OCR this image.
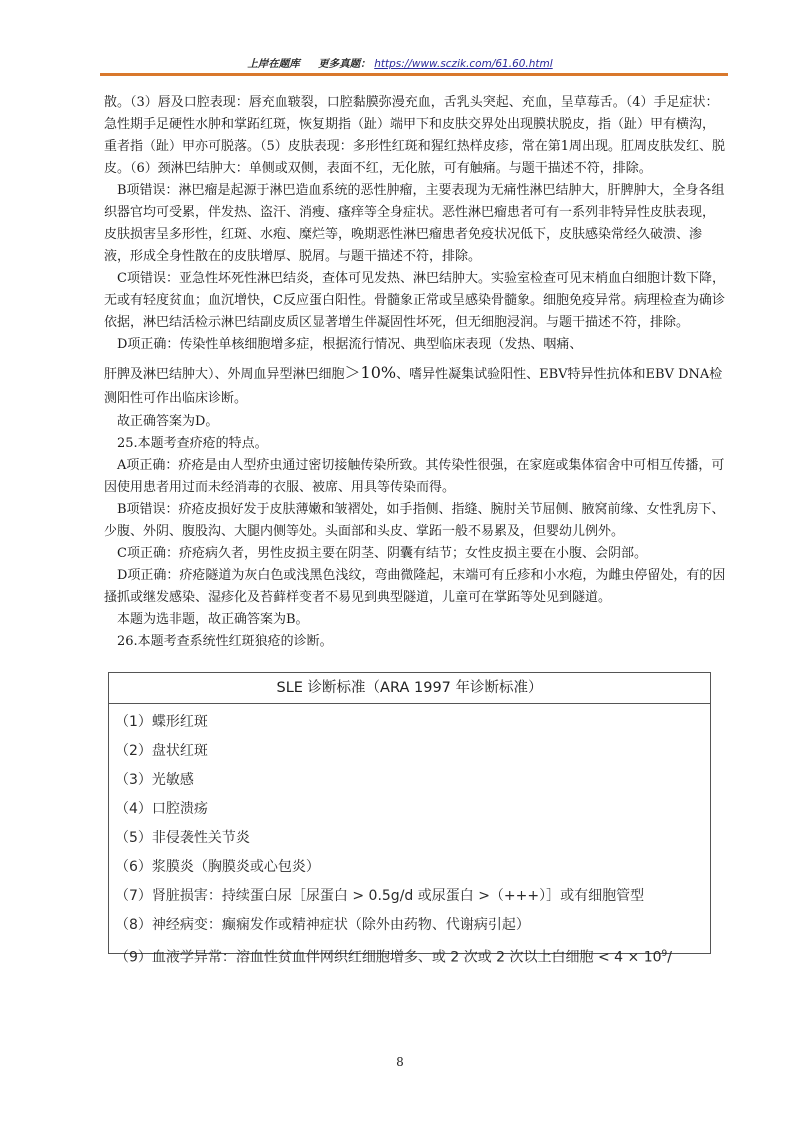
上岸在题库 更多真题： https://www.sczik.com/61.60.html

散。（3）唇及口腔表现：唇充血皲裂，口腔黏膜弥漫充血，舌乳头突起、充血，呈草莓舌。（4）手足症状：急性期手足硬性水肿和掌跖红斑，恢复期指（趾）端甲下和皮肤交界处出现膜状脱皮，指（趾）甲有横沟，重者指（趾）甲亦可脱落。（5）皮肤表现：多形性红斑和猩红热样皮疹，常在第1周出现。肛周皮肤发红、脱皮。（6）颈淋巴结肿大：单侧或双侧，表面不红，无化脓，可有触痛。与题干描述不符，排除。

B项错误：淋巴瘤是起源于淋巴造血系统的恶性肿瘤，主要表现为无痛性淋巴结肿大，肝脾肿大，全身各组织器官均可受累，伴发热、盗汗、消瘦、瘙痒等全身症状。恶性淋巴瘤患者可有一系列非特异性皮肤表现，皮肤损害呈多形性，红斑、水疱、糜烂等，晚期恶性淋巴瘤患者免疫状况低下，皮肤感染常经久破溃、渗液，形成全身性散在的皮肤增厚、脱屑。与题干描述不符，排除。

C项错误：亚急性坏死性淋巴结炎，查体可见发热、淋巴结肿大。实验室检查可见末梢血白细胞计数下降，无或有轻度贫血；血沉增快，C反应蛋白阳性。骨髓象正常或呈感染骨髓象。细胞免疫异常。病理检查为确诊依据，淋巴结活检示淋巴结副皮质区显著增生伴凝固性坏死，但无细胞浸润。与题干描述不符，排除。

D项正确：传染性单核细胞增多症，根据流行情况、典型临床表现（发热、咽痛、

肝脾及淋巴结肿大）、外周血异型淋巴细胞＞10%、嗜异性凝集试验阳性、EBV特异性抗体和EBV DNA检测阳性可作出临床诊断。

故正确答案为D。

25.本题考查疥疮的特点。

A项正确：疥疮是由人型疥虫通过密切接触传染所致。其传染性很强，在家庭或集体宿舍中可相互传播，可因使用患者用过而未经消毒的衣服、被席、用具等传染而得。

B项错误：疥疮皮损好发于皮肤薄嫩和皱褶处，如手指侧、指缝、腕肘关节屈侧、腋窝前缘、女性乳房下、少腹、外阴、腹股沟、大腿内侧等处。头面部和头皮、掌跖一般不易累及，但婴幼儿例外。

C项正确：疥疮病久者，男性皮损主要在阴茎、阴囊有结节；女性皮损主要在小腹、会阴部。

D项正确：疥疮隧道为灰白色或浅黑色浅纹，弯曲微隆起，末端可有丘疹和小水疱，为雌虫停留处，有的因搔抓或继发感染、湿疹化及苔藓样变者不易见到典型隧道，儿童可在掌跖等处见到隧道。

本题为选非题，故正确答案为B。

26.本题考查系统性红斑狼疮的诊断。

SLE 诊断标准（ARA 1997 年诊断标准）
（1）蝶形红斑
（2）盘状红斑
（3）光敏感
（4）口腔溃疡
（5）非侵袭性关节炎
（6）浆膜炎（胸膜炎或心包炎）
（7）肾脏损害：持续蛋白尿［尿蛋白 > 0.5g/d 或尿蛋白 >（+++）］或有细胞管型
（8）神经病变：癫痫发作或精神症状（除外由药物、代谢病引起）
（9）血液学异常：溶血性贫血伴网织红细胞增多、或 2 次或 2 次以上白细胞 < $4 \times 10^9/$
8
